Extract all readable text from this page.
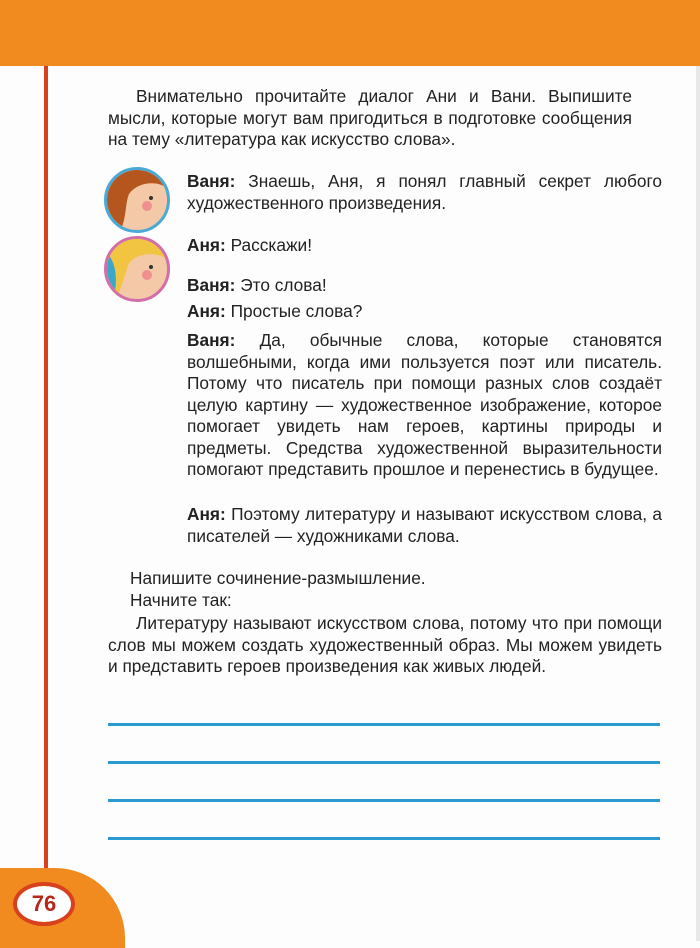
76
Внимательно прочитайте диалог Ани и Вани. Выпишите мысли, которые могут вам пригодиться в подготовке сообщения на тему «литература как искусство слова».
Ваня: Знаешь, Аня, я понял главный секрет любого художественного произведения.
Аня: Расскажи!
Ваня: Это слова!
Аня: Простые слова?
Ваня: Да, обычные слова, которые становятся волшебными, когда ими пользуется поэт или писатель. Потому что писатель при помощи разных слов создаёт целую картину — художественное изображение, которое помогает увидеть нам героев, картины природы и предметы. Средства художественной выразительности помогают представить прошлое и перенестись в будущее.
Аня: Поэтому литературу и называют искусством слова, а писателей — художниками слова.
Напишите сочинение-размышление.
Начните так:
Литературу называют искусством слова, потому что при помощи слов мы можем создать художественный образ. Мы можем увидеть и представить героев произведения как живых людей.
